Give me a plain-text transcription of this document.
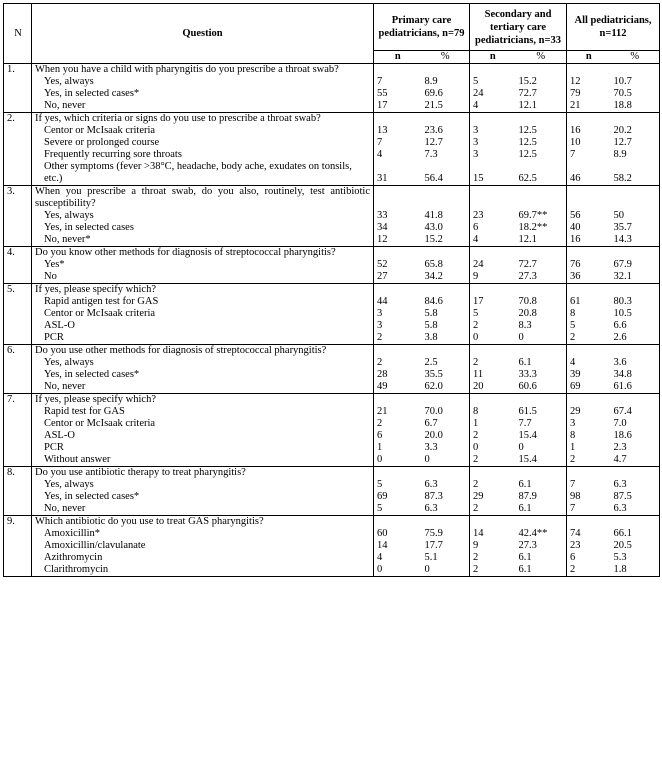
N	Question	Primary care pediatricians, n=79		Secondary and tertiary care pediatricians, n=33		All pediatricians, n=112	
		n	%	n	%	n	%
1.	When you have a child with pharyngitis do you prescribe a throat swab?						
	Yes, always	7	8.9	5	15.2	12	10.7
	Yes, in selected cases*	55	69.6	24	72.7	79	70.5
	No, never	17	21.5	4	12.1	21	18.8
2.	If yes, which criteria or signs do you use to prescribe a throat swab?						
	Centor or McIsaak criteria	13	23.6	3	12.5	16	20.2
	Severe or prolonged course	7	12.7	3	12.5	10	12.7
	Frequently recurring sore throats	4	7.3	3	12.5	7	8.9
	Other symptoms (fever >38°C, headache, body ache, exudates on tonsils, etc.)	31	56.4	15	62.5	46	58.2
3.	When you prescribe a throat swab, do you also, routinely, test antibiotic susceptibility?						
	Yes, always	33	41.8	23	69.7**	56	50
	Yes, in selected cases	34	43.0	6	18.2**	40	35.7
	No, never*	12	15.2	4	12.1	16	14.3
4.	Do you know other methods for diagnosis of streptococcal pharyngitis?						
	Yes*	52	65.8	24	72.7	76	67.9
	No	27	34.2	9	27.3	36	32.1
5.	If yes, please specify which?						
	Rapid antigen test for GAS	44	84.6	17	70.8	61	80.3
	Centor or McIsaak criteria	3	5.8	5	20.8	8	10.5
	ASL-O	3	5.8	2	8.3	5	6.6
	PCR	2	3.8	0	0	2	2.6
6.	Do you use other methods for diagnosis of streptococcal pharyngitis?						
	Yes, always	2	2.5	2	6.1	4	3.6
	Yes, in selected cases*	28	35.5	11	33.3	39	34.8
	No, never	49	62.0	20	60.6	69	61.6
7.	If yes, please specify which?						
	Rapid test for GAS	21	70.0	8	61.5	29	67.4
	Centor or McIsaak criteria	2	6.7	1	7.7	3	7.0
	ASL-O	6	20.0	2	15.4	8	18.6
	PCR	1	3.3	0	0	1	2.3
	Without answer	0	0	2	15.4	2	4.7
8.	Do you use antibiotic therapy to treat pharyngitis?						
	Yes, always	5	6.3	2	6.1	7	6.3
	Yes, in selected cases*	69	87.3	29	87.9	98	87.5
	No, never	5	6.3	2	6.1	7	6.3
9.	Which antibiotic do you use to treat GAS pharyngitis?						
	Amoxicillin*	60	75.9	14	42.4**	74	66.1
	Amoxicillin/clavulanate	14	17.7	9	27.3	23	20.5
	Azithromycin	4	5.1	2	6.1	6	5.3
	Clarithromycin	0	0	2	6.1	2	1.8
